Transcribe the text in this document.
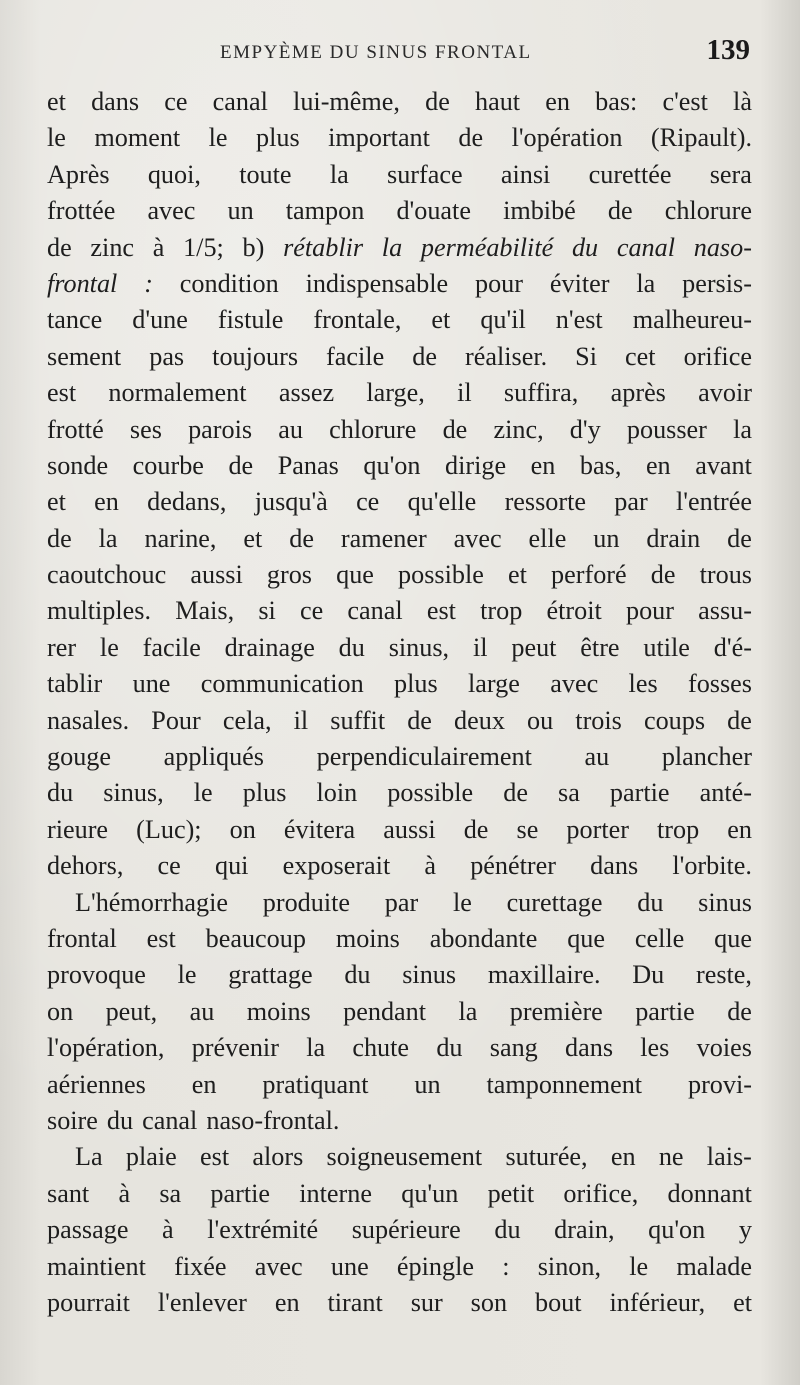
EMPYÈME DU SINUS FRONTAL	139
et dans ce canal lui-même, de haut en bas: c'est là
le moment le plus important de l'opération (Ripault).
Après quoi, toute la surface ainsi curettée sera
frottée avec un tampon d'ouate imbibé de chlorure
de zinc à 1/5; b) rétablir la perméabilité du canal naso-
frontal : condition indispensable pour éviter la persis-
tance d'une fistule frontale, et qu'il n'est malheureu-
sement pas toujours facile de réaliser. Si cet orifice
est normalement assez large, il suffira, après avoir
frotté ses parois au chlorure de zinc, d'y pousser la
sonde courbe de Panas qu'on dirige en bas, en avant
et en dedans, jusqu'à ce qu'elle ressorte par l'entrée
de la narine, et de ramener avec elle un drain de
caoutchouc aussi gros que possible et perforé de trous
multiples. Mais, si ce canal est trop étroit pour assu-
rer le facile drainage du sinus, il peut être utile d'é-
tablir une communication plus large avec les fosses
nasales. Pour cela, il suffit de deux ou trois coups de
gouge appliqués perpendiculairement au plancher
du sinus, le plus loin possible de sa partie anté-
rieure (Luc); on évitera aussi de se porter trop en
dehors, ce qui exposerait à pénétrer dans l'orbite.
L'hémorrhagie produite par le curettage du sinus
frontal est beaucoup moins abondante que celle que
provoque le grattage du sinus maxillaire. Du reste,
on peut, au moins pendant la première partie de
l'opération, prévenir la chute du sang dans les voies
aériennes en pratiquant un tamponnement provi-
soire du canal naso-frontal.
La plaie est alors soigneusement suturée, en ne lais-
sant à sa partie interne qu'un petit orifice, donnant
passage à l'extrémité supérieure du drain, qu'on y
maintient fixée avec une épingle : sinon, le malade
pourrait l'enlever en tirant sur son bout inférieur, et
